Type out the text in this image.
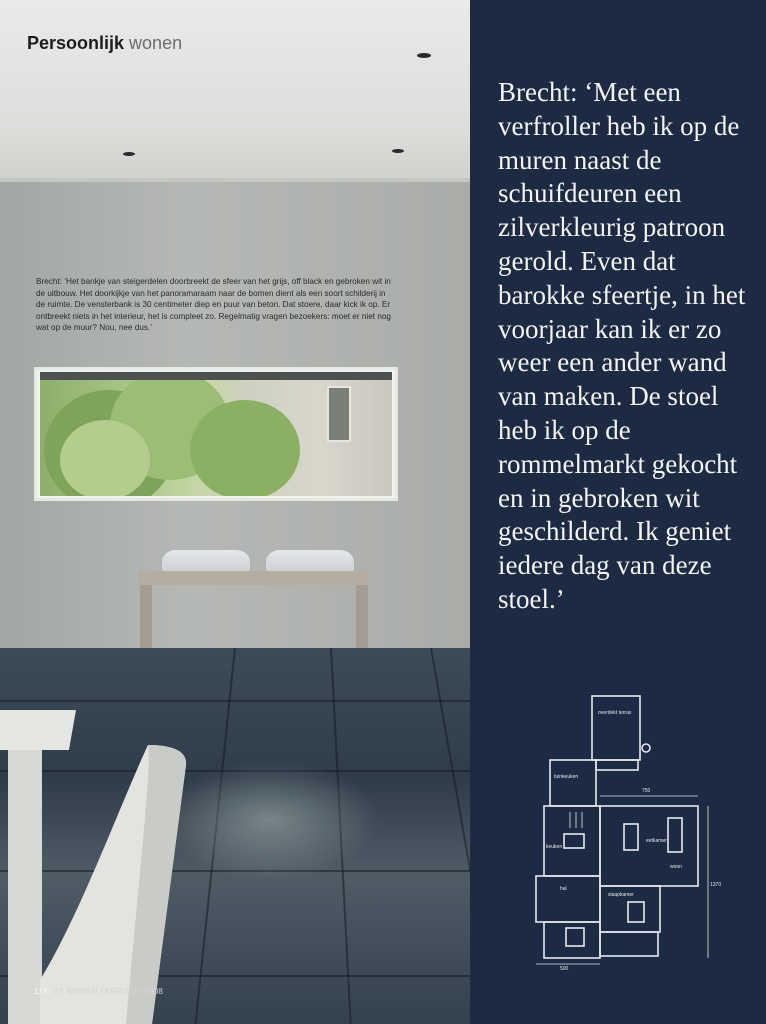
Persoonlijk wonen

Brecht: ‘Het bankje van steigerdelen doorbreekt de sfeer van het grijs, off black en gebroken wit in de uitbouw. Het doorkijkje van het panoramaraam naar de bomen dient als een soort schilderij in de ruimte. De vensterbank is 30 centimeter diep en puur van beton. Dat stoere, daar kick ik op. Er ontbreekt niets in het interieur, het is compleet zo. Regelmatig vragen bezoekers: moet er niet nog wat op de muur? Nou, nee dus.’

112 VT WONEN FEBRUARI 2008

Brecht: ‘Met een verfroller heb ik op de muren naast de schuifdeuren een zilverkleurig patroon gerold. Even dat barokke sfeertje, in het voorjaar kan ik er zo weer een ander wand van maken. De stoel heb ik op de rommelmarkt gekocht en in gebroken wit geschilderd. Ik geniet iedere dag van deze stoel.’

overdekt terras
tuinkeuken
keuken
hal
slaapkamer
eetkamer
woon
750
1370
500
